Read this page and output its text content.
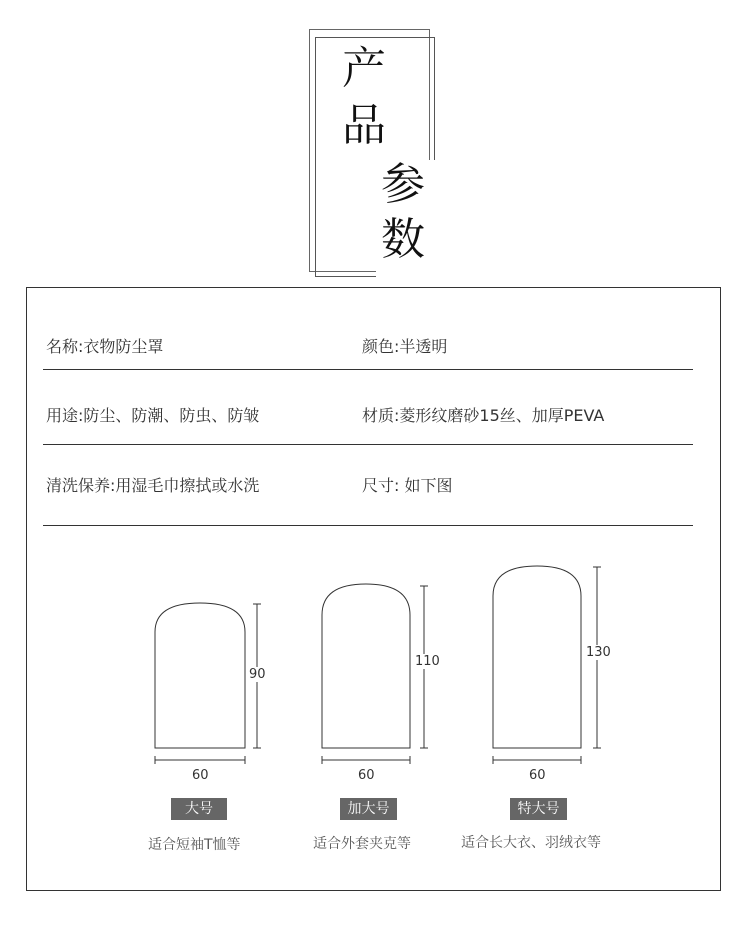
产
品
参
数
名称:衣物防尘罩	颜色:半透明
用途:防尘、防潮、防虫、防皱	材质:菱形纹磨砂15丝、加厚PEVA
清洗保养:用湿毛巾擦拭或水洗	尺寸: 如下图
90
110
130
60	60	60
大号	加大号	特大号
适合短袖T恤等	适合外套夹克等	适合长大衣、羽绒衣等
